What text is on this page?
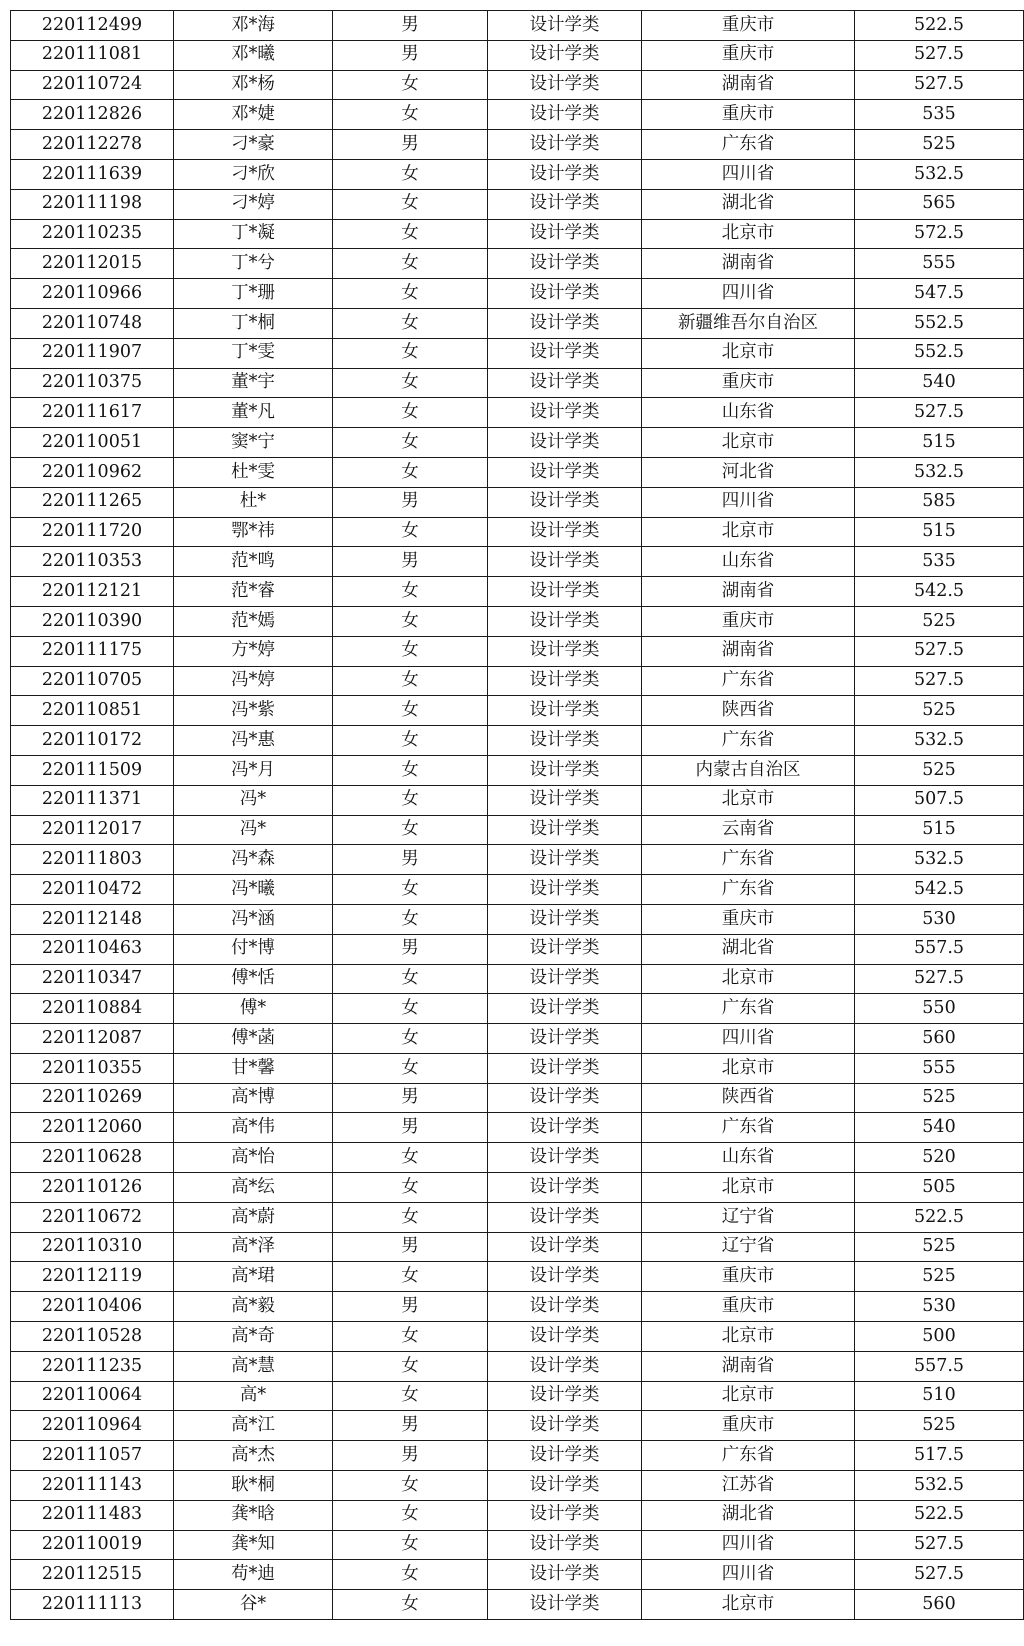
220112499	邓*海	男	设计学类	重庆市	522.5
220111081	邓*曦	男	设计学类	重庆市	527.5
220110724	邓*杨	女	设计学类	湖南省	527.5
220112826	邓*婕	女	设计学类	重庆市	535
220112278	刁*豪	男	设计学类	广东省	525
220111639	刁*欣	女	设计学类	四川省	532.5
220111198	刁*婷	女	设计学类	湖北省	565
220110235	丁*凝	女	设计学类	北京市	572.5
220112015	丁*兮	女	设计学类	湖南省	555
220110966	丁*珊	女	设计学类	四川省	547.5
220110748	丁*桐	女	设计学类	新疆维吾尔自治区	552.5
220111907	丁*雯	女	设计学类	北京市	552.5
220110375	董*宇	女	设计学类	重庆市	540
220111617	董*凡	女	设计学类	山东省	527.5
220110051	窦*宁	女	设计学类	北京市	515
220110962	杜*雯	女	设计学类	河北省	532.5
220111265	杜*	男	设计学类	四川省	585
220111720	鄂*祎	女	设计学类	北京市	515
220110353	范*鸣	男	设计学类	山东省	535
220112121	范*睿	女	设计学类	湖南省	542.5
220110390	范*嫣	女	设计学类	重庆市	525
220111175	方*婷	女	设计学类	湖南省	527.5
220110705	冯*婷	女	设计学类	广东省	527.5
220110851	冯*紫	女	设计学类	陕西省	525
220110172	冯*惠	女	设计学类	广东省	532.5
220111509	冯*月	女	设计学类	内蒙古自治区	525
220111371	冯*	女	设计学类	北京市	507.5
220112017	冯*	女	设计学类	云南省	515
220111803	冯*森	男	设计学类	广东省	532.5
220110472	冯*曦	女	设计学类	广东省	542.5
220112148	冯*涵	女	设计学类	重庆市	530
220110463	付*博	男	设计学类	湖北省	557.5
220110347	傅*恬	女	设计学类	北京市	527.5
220110884	傅*	女	设计学类	广东省	550
220112087	傅*菡	女	设计学类	四川省	560
220110355	甘*馨	女	设计学类	北京市	555
220110269	高*博	男	设计学类	陕西省	525
220112060	高*伟	男	设计学类	广东省	540
220110628	高*怡	女	设计学类	山东省	520
220110126	高*纭	女	设计学类	北京市	505
220110672	高*蔚	女	设计学类	辽宁省	522.5
220110310	高*泽	男	设计学类	辽宁省	525
220112119	高*珺	女	设计学类	重庆市	525
220110406	高*毅	男	设计学类	重庆市	530
220110528	高*奇	女	设计学类	北京市	500
220111235	高*慧	女	设计学类	湖南省	557.5
220110064	高*	女	设计学类	北京市	510
220110964	高*江	男	设计学类	重庆市	525
220111057	高*杰	男	设计学类	广东省	517.5
220111143	耿*桐	女	设计学类	江苏省	532.5
220111483	龚*晗	女	设计学类	湖北省	522.5
220110019	龚*知	女	设计学类	四川省	527.5
220112515	苟*迪	女	设计学类	四川省	527.5
220111113	谷*	女	设计学类	北京市	560
